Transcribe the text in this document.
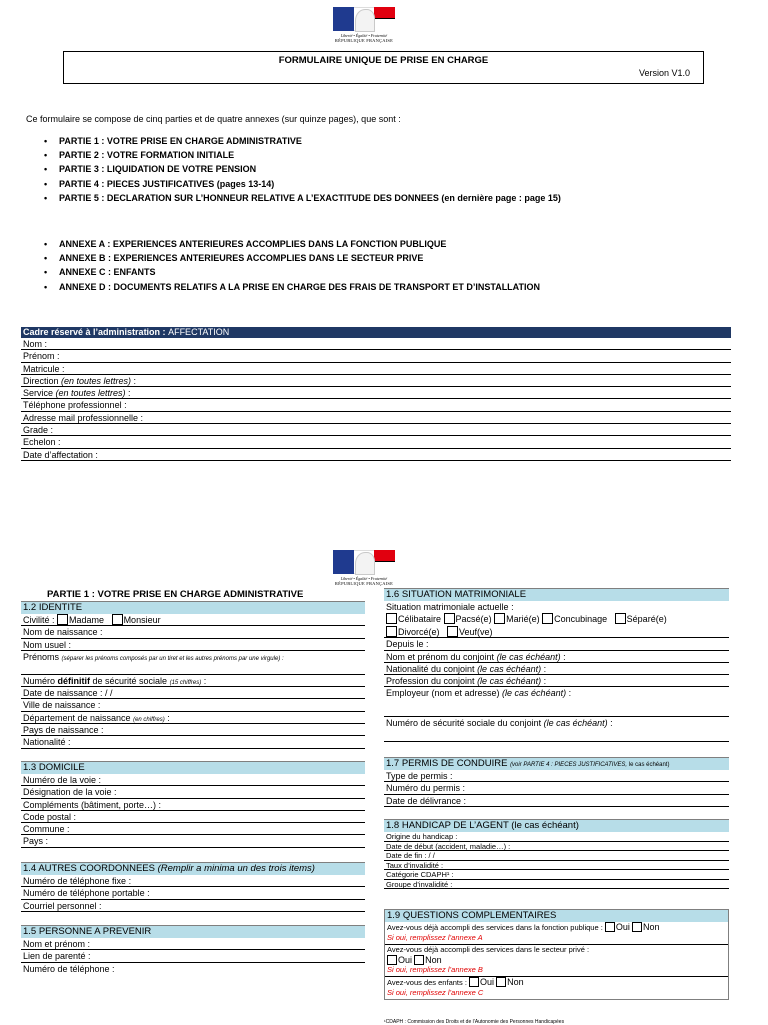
Liberté • Égalité • Fraternité
RÉPUBLIQUE FRANÇAISE
FORMULAIRE UNIQUE DE PRISE EN CHARGE
Version V1.0
Ce formulaire se compose de cinq parties et de quatre annexes (sur quinze pages), que sont :
• PARTIE 1 : VOTRE PRISE EN CHARGE ADMINISTRATIVE
• PARTIE 2 : VOTRE FORMATION INITIALE
• PARTIE 3 : LIQUIDATION DE VOTRE PENSION
• PARTIE 4 : PIECES JUSTIFICATIVES (pages 13-14)
• PARTIE 5 : DECLARATION SUR L’HONNEUR RELATIVE A L’EXACTITUDE DES DONNEES (en dernière page : page 15)
• ANNEXE A : EXPERIENCES ANTERIEURES ACCOMPLIES DANS LA FONCTION PUBLIQUE
• ANNEXE B : EXPERIENCES ANTERIEURES ACCOMPLIES DANS LE SECTEUR PRIVE
• ANNEXE C : ENFANTS
• ANNEXE D : DOCUMENTS RELATIFS A LA PRISE EN CHARGE DES FRAIS DE TRANSPORT ET D’INSTALLATION
Cadre réservé à l’administration : AFFECTATION
Nom :
Prénom :
Matricule :
Direction (en toutes lettres) :
Service (en toutes lettres) :
Téléphone professionnel :
Adresse mail professionnelle :
Grade :
Echelon :
Date d’affectation :
Liberté • Égalité • Fraternité
RÉPUBLIQUE FRANÇAISE
PARTIE 1 : VOTRE PRISE EN CHARGE ADMINISTRATIVE
1.2 IDENTITE
Civilité : Madame Monsieur
Nom de naissance :
Nom usuel :
Prénoms (séparer les prénoms composés par un tiret et les autres prénoms par une virgule) :
Numéro définitif de sécurité sociale (15 chiffres) :
Date de naissance : / /
Ville de naissance :
Département de naissance (en chiffres) :
Pays de naissance :
Nationalité :
1.3 DOMICILE
Numéro de la voie :
Désignation de la voie :
Compléments (bâtiment, porte…) :
Code postal :
Commune :
Pays :
1.4 AUTRES COORDONNEES (Remplir a minima un des trois items)
Numéro de téléphone fixe :
Numéro de téléphone portable :
Courriel personnel :
1.5 PERSONNE A PREVENIR
Nom et prénom :
Lien de parenté :
Numéro de téléphone :
1.6 SITUATION MATRIMONIALE
Situation matrimoniale actuelle :
Célibataire Pacsé(e) Marié(e) Concubinage Séparé(e)
Divorcé(e) Veuf(ve)
Depuis le :
Nom et prénom du conjoint (le cas échéant) :
Nationalité du conjoint (le cas échéant) :
Profession du conjoint (le cas échéant) :
Employeur (nom et adresse) (le cas échéant) :
Numéro de sécurité sociale du conjoint (le cas échéant) :
1.7 PERMIS DE CONDUIRE (voir PARTIE 4 : PIECES JUSTIFICATIVES, le cas échéant)
Type de permis :
Numéro du permis :
Date de délivrance :
1.8 HANDICAP DE L’AGENT (le cas échéant)
Origine du handicap :
Date de début (accident, maladie…) :
Date de fin : / /
Taux d’invalidité :
Catégorie CDAPH¹ :
Groupe d’invalidité :
1.9 QUESTIONS COMPLEMENTAIRES
Avez-vous déjà accompli des services dans la fonction publique : Oui Non
Si oui, remplissez l’annexe A
Avez-vous déjà accompli des services dans le secteur privé :
Oui Non
Si oui, remplissez l’annexe B
Avez-vous des enfants : Oui Non
Si oui, remplissez l’annexe C
¹CDAPH : Commission des Droits et de l’Autonomie des Personnes Handicapées
